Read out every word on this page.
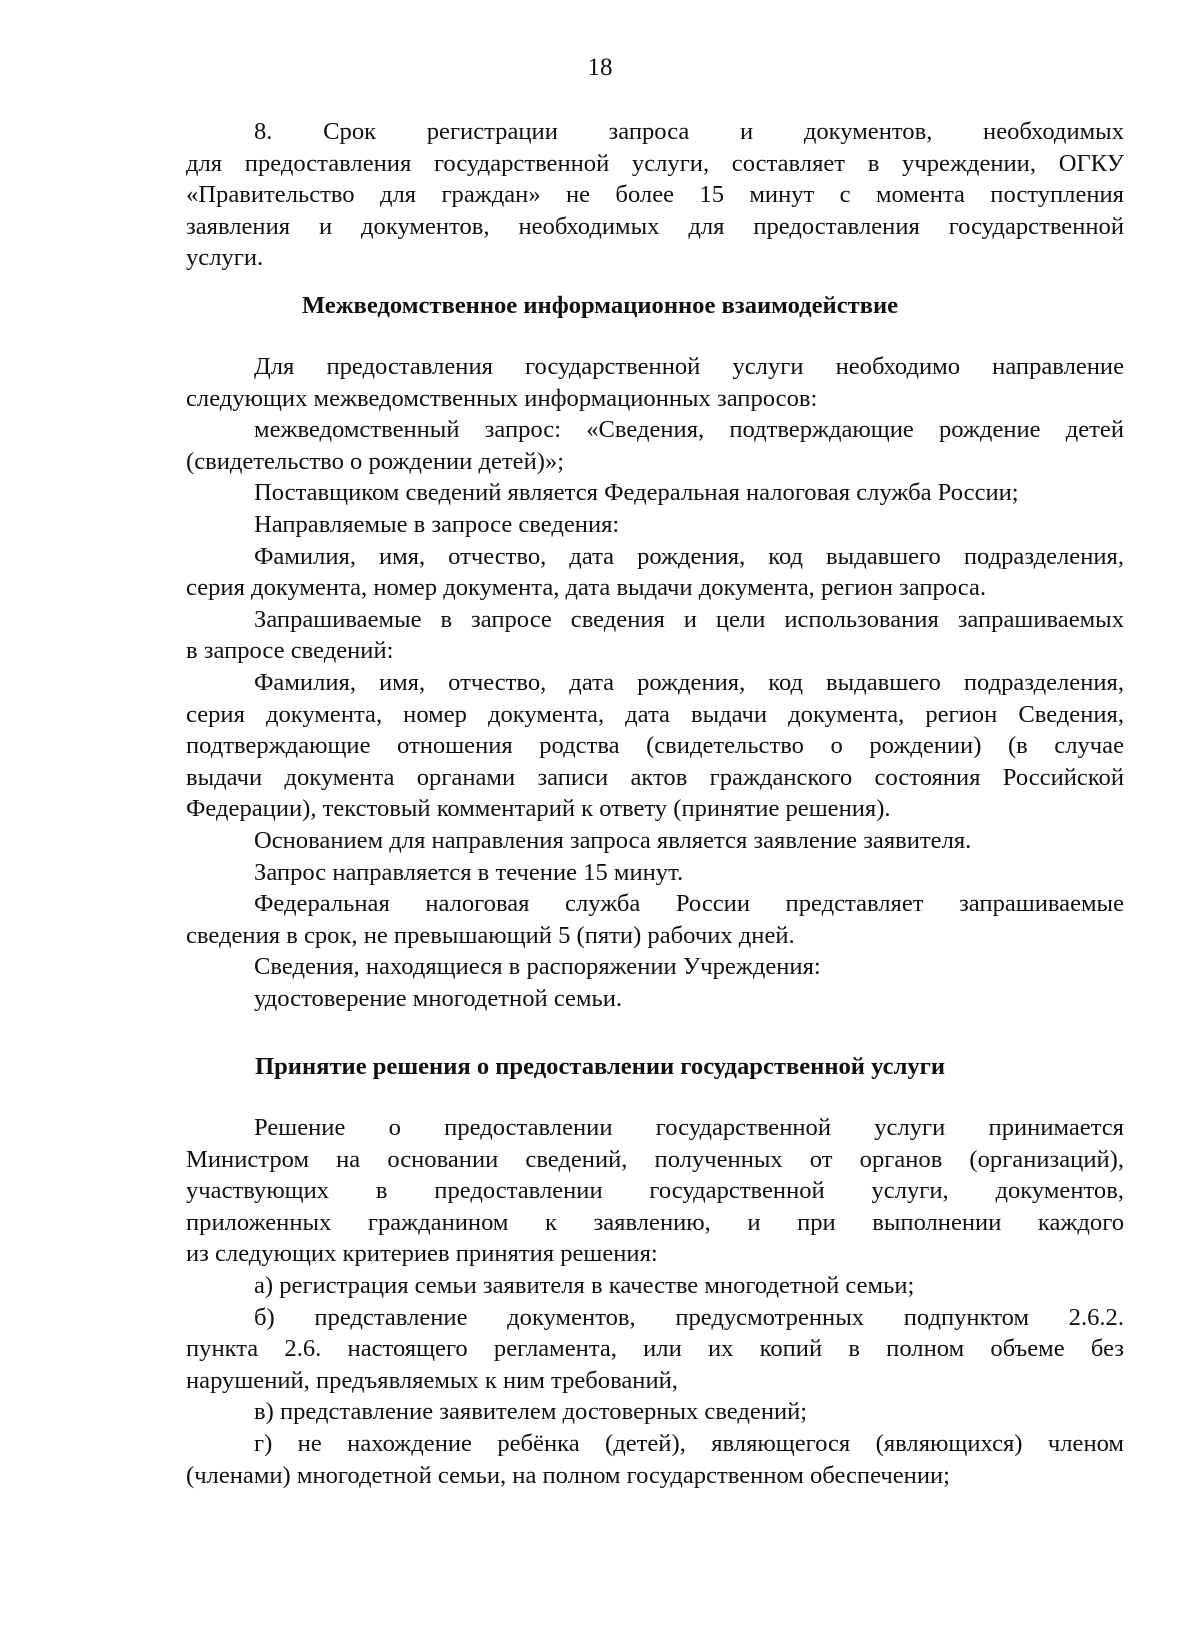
18
8. Срок регистрации запроса и документов, необходимых
для предоставления государственной услуги, составляет в учреждении, ОГКУ
«Правительство для граждан» не более 15 минут с момента поступления
заявления и документов, необходимых для предоставления государственной
услуги.
Межведомственное информационное взаимодействие
Для предоставления государственной услуги необходимо направление
следующих межведомственных информационных запросов:
межведомственный запрос: «Сведения, подтверждающие рождение детей
(свидетельство о рождении детей)»;
Поставщиком сведений является Федеральная налоговая служба России;
Направляемые в запросе сведения:
Фамилия, имя, отчество, дата рождения, код выдавшего подразделения,
серия документа, номер документа, дата выдачи документа, регион запроса.
Запрашиваемые в запросе сведения и цели использования запрашиваемых
в запросе сведений:
Фамилия, имя, отчество, дата рождения, код выдавшего подразделения,
серия документа, номер документа, дата выдачи документа, регион Сведения,
подтверждающие отношения родства (свидетельство о рождении) (в случае
выдачи документа органами записи актов гражданского состояния Российской
Федерации), текстовый комментарий к ответу (принятие решения).
Основанием для направления запроса является заявление заявителя.
Запрос направляется в течение 15 минут.
Федеральная налоговая служба России представляет запрашиваемые
сведения в срок, не превышающий 5 (пяти) рабочих дней.
Сведения, находящиеся в распоряжении Учреждения:
удостоверение многодетной семьи.
Принятие решения о предоставлении государственной услуги
Решение о предоставлении государственной услуги принимается
Министром на основании сведений, полученных от органов (организаций),
участвующих в предоставлении государственной услуги, документов,
приложенных гражданином к заявлению, и при выполнении каждого
из следующих критериев принятия решения:
а) регистрация семьи заявителя в качестве многодетной семьи;
б) представление документов, предусмотренных подпунктом 2.6.2.
пункта 2.6. настоящего регламента, или их копий в полном объеме без
нарушений, предъявляемых к ним требований,
в) представление заявителем достоверных сведений;
г) не нахождение ребёнка (детей), являющегося (являющихся) членом
(членами) многодетной семьи, на полном государственном обеспечении;
